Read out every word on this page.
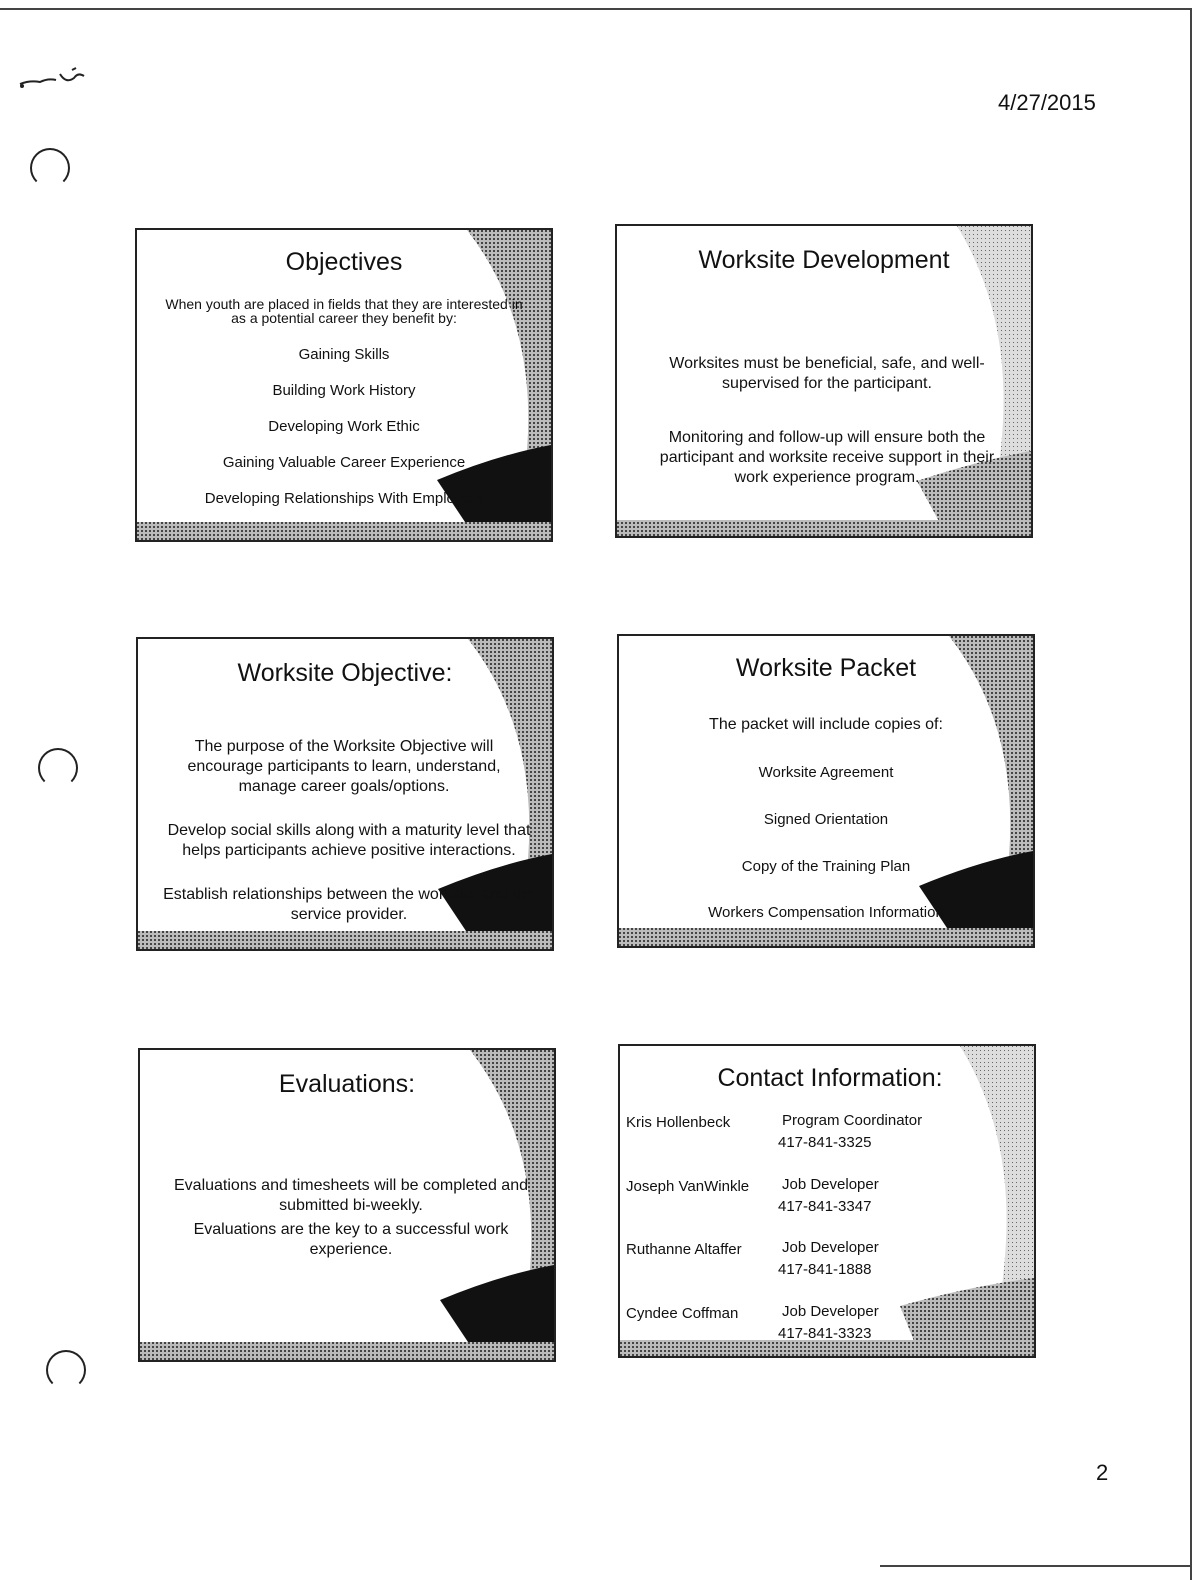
4/27/2015
Objectives
When youth are placed in fields that they are interested in
as a potential career they benefit by:
Gaining Skills
Building Work History
Developing Work Ethic
Gaining Valuable Career Experience
Developing Relationships With Employers
Worksite Development
Worksites must be beneficial, safe, and well-
supervised for the participant.
Monitoring and follow-up will ensure both the
participant and worksite receive support in their
work experience program.
Worksite Objective:
The purpose of the Worksite Objective will
encourage participants to learn, understand,
manage career goals/options.
Develop social skills along with a maturity level that
helps participants achieve positive interactions.
Establish relationships between the worksite and the
service provider.
Worksite Packet
The packet will include copies of:
Worksite Agreement
Signed Orientation
Copy of the Training Plan
Workers Compensation Information
Evaluations:
Evaluations and timesheets will be completed and
submitted bi-weekly.
Evaluations are the key to a successful work
experience.
Contact Information:
Kris Hollenbeck	Program Coordinator
417-841-3325
Joseph VanWinkle Job Developer
417-841-3347
Ruthanne Altaffer	Job Developer
417-841-1888
Cyndee Coffman	Job Developer
417-841-3323
2
